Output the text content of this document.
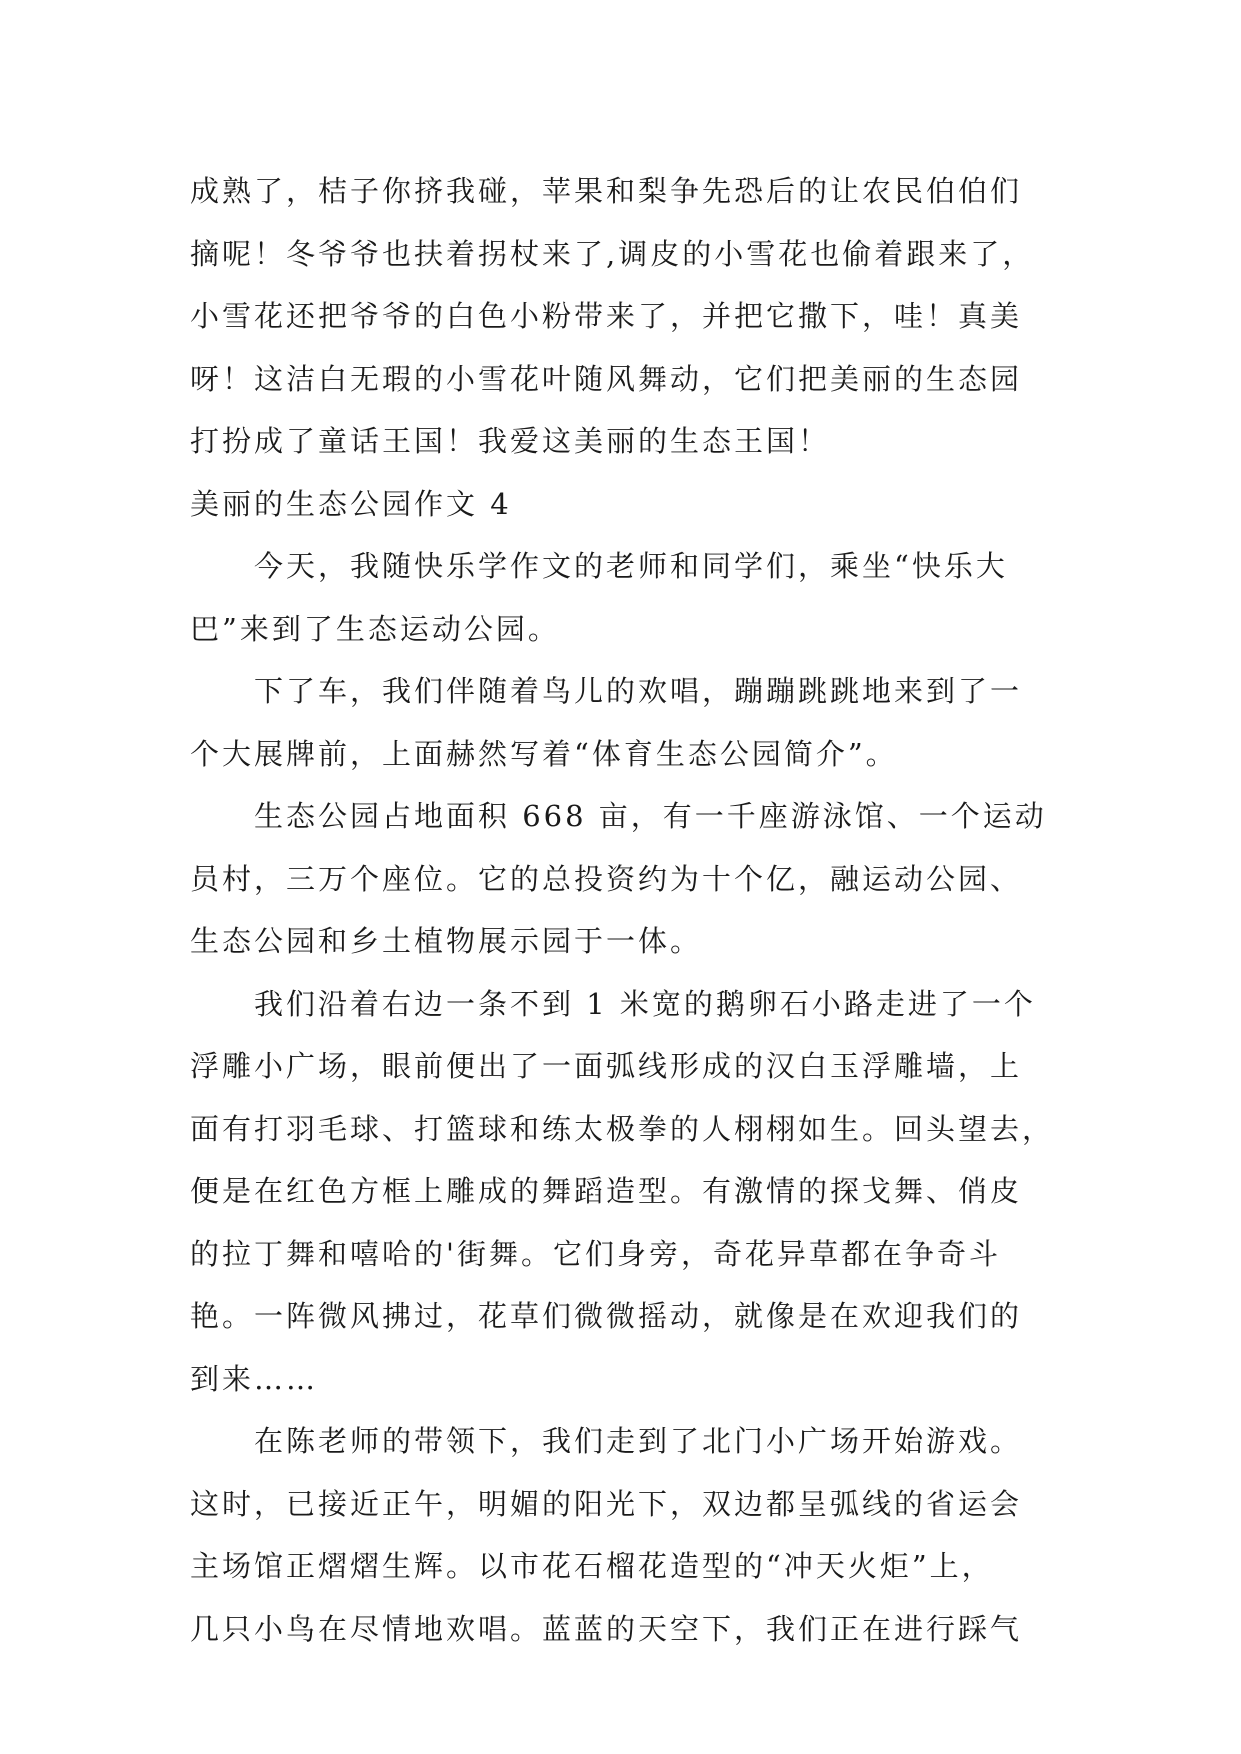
成熟了，桔子你挤我碰，苹果和梨争先恐后的让农民伯伯们
摘呢！冬爷爷也扶着拐杖来了,调皮的小雪花也偷着跟来了，
小雪花还把爷爷的白色小粉带来了，并把它撒下，哇！真美
呀！这洁白无瑕的小雪花叶随风舞动，它们把美丽的生态园
打扮成了童话王国！我爱这美丽的生态王国！
美丽的生态公园作文 4
　　今天，我随快乐学作文的老师和同学们，乘坐“快乐大
巴”来到了生态运动公园。
　　下了车，我们伴随着鸟儿的欢唱，蹦蹦跳跳地来到了一
个大展牌前，上面赫然写着“体育生态公园简介”。
　　生态公园占地面积 668 亩，有一千座游泳馆、一个运动
员村，三万个座位。它的总投资约为十个亿，融运动公园、
生态公园和乡土植物展示园于一体。
　　我们沿着右边一条不到 1 米宽的鹅卵石小路走进了一个
浮雕小广场，眼前便出了一面弧线形成的汉白玉浮雕墙，上
面有打羽毛球、打篮球和练太极拳的人栩栩如生。回头望去，
便是在红色方框上雕成的舞蹈造型。有激情的探戈舞、俏皮
的拉丁舞和嘻哈的'街舞。它们身旁，奇花异草都在争奇斗
艳。一阵微风拂过，花草们微微摇动，就像是在欢迎我们的
到来……
　　在陈老师的带领下，我们走到了北门小广场开始游戏。
这时，已接近正午，明媚的阳光下，双边都呈弧线的省运会
主场馆正熠熠生辉。以市花石榴花造型的“冲天火炬”上，
几只小鸟在尽情地欢唱。蓝蓝的天空下，我们正在进行踩气
